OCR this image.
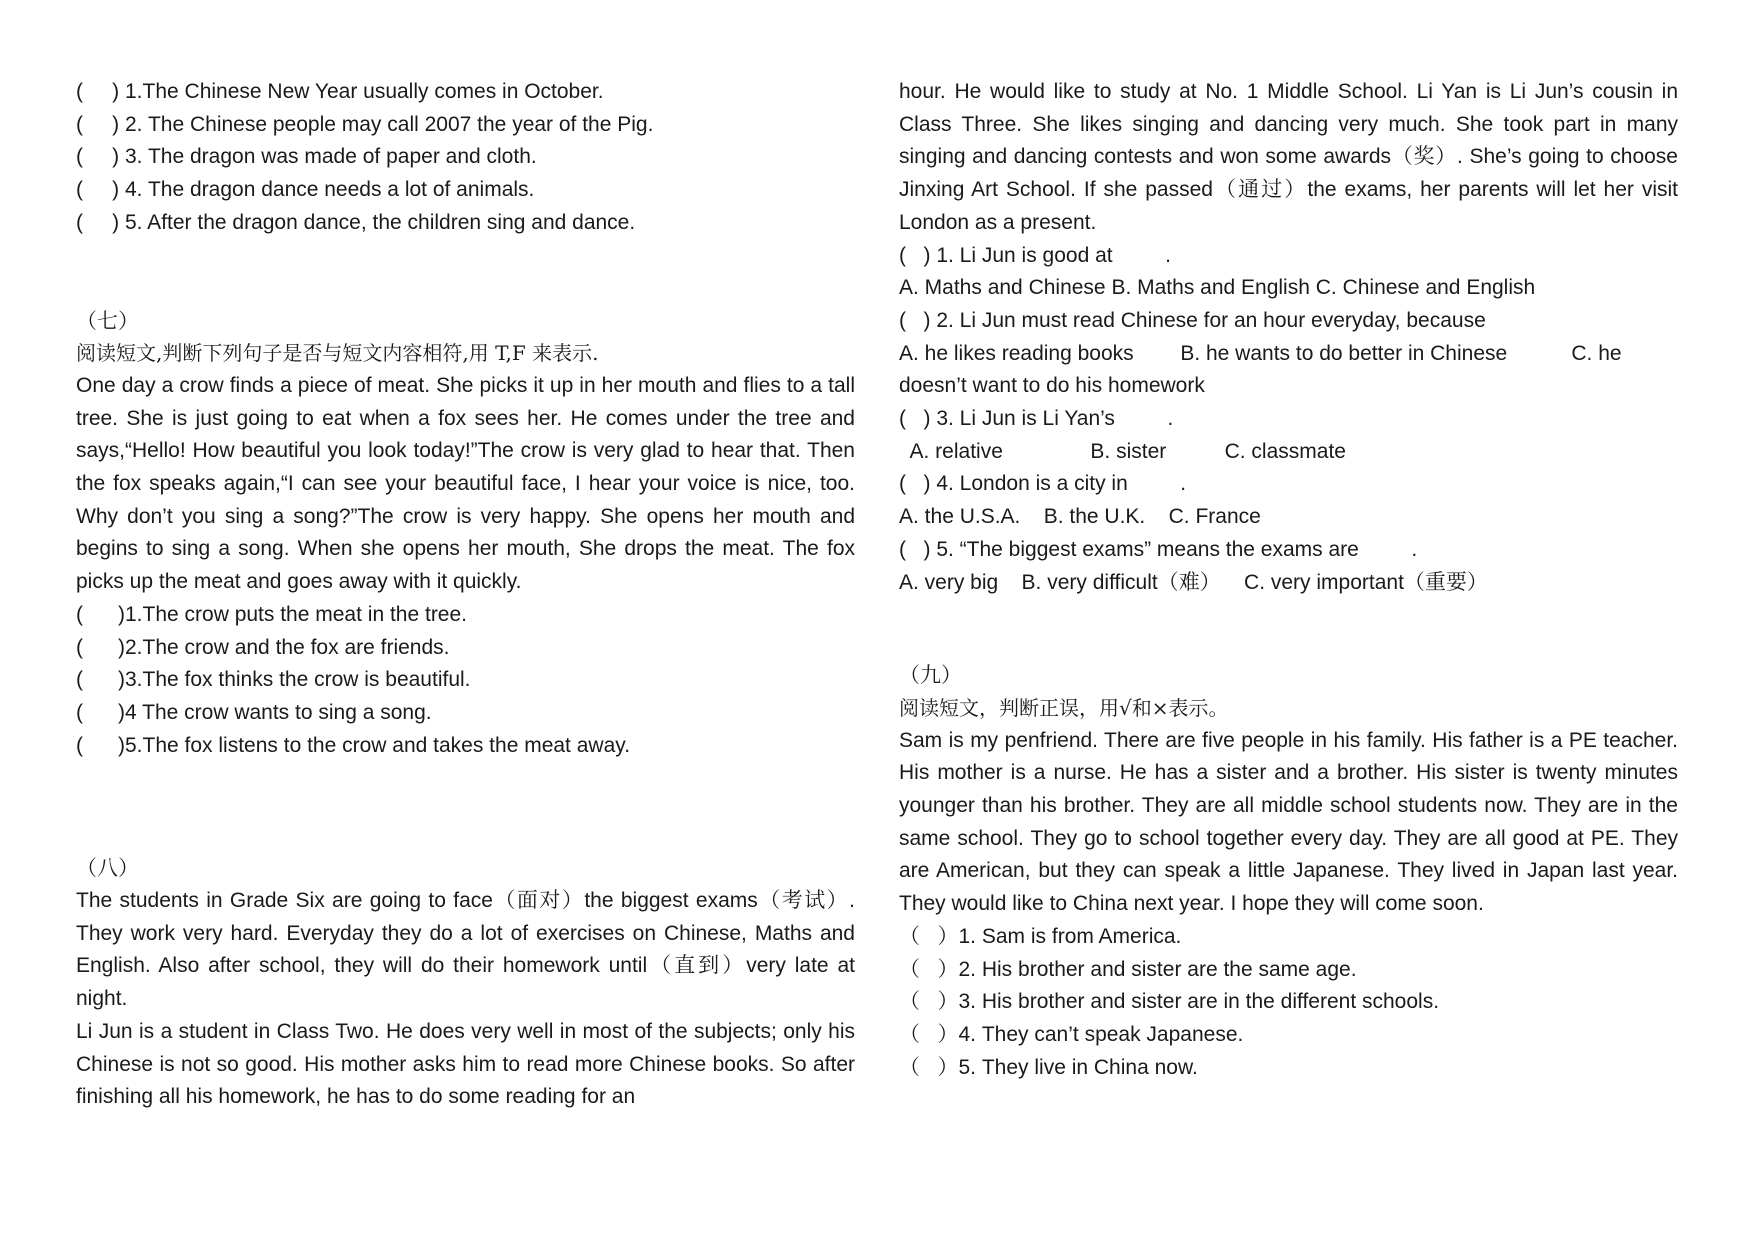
(     ) 1.The Chinese New Year usually comes in October.

(     ) 2. The Chinese people may call 2007 the year of the Pig.

(     ) 3. The dragon was made of paper and cloth.

(     ) 4. The dragon dance needs a lot of animals.

(     ) 5. After the dragon dance, the children sing and dance.

（七）

阅读短文,判断下列句子是否与短文内容相符,用 T,F 来表示.

One day a crow finds a piece of meat. She picks it up in her mouth and flies to a tall tree. She is just going to eat when a fox sees her. He comes under the tree and says,“Hello! How beautiful you look today!”The crow is very glad to hear that. Then the fox speaks again,“I can see your beautiful face, I hear your voice is nice, too. Why don’t you sing a song?”The crow is very happy. She opens her mouth and begins to sing a song. When she opens her mouth, She drops the meat. The fox picks up the meat and goes away with it quickly.

(      )1.The crow puts the meat in the tree.

(      )2.The crow and the fox are friends.

(      )3.The fox thinks the crow is beautiful.

(      )4 The crow wants to sing a song.

(      )5.The fox listens to the crow and takes the meat away.

（八）

The students in Grade Six are going to face（面对）the biggest exams（考试）. They work very hard. Everyday they do a lot of exercises on Chinese, Maths and English. Also after school, they will do their homework until（直到）very late at night.

Li Jun is a student in Class Two. He does very well in most of the subjects; only his Chinese is not so good. His mother asks him to read more Chinese books. So after finishing all his homework, he has to do some reading for an

hour. He would like to study at No. 1 Middle School. Li Yan is Li Jun’s cousin in Class Three. She likes singing and dancing very much. She took part in many singing and dancing contests and won some awards（奖）. She’s going to choose Jinxing Art School. If she passed（通过）the exams, her parents will let her visit London as a present.

(   ) 1. Li Jun is good at         .

A. Maths and Chinese B. Maths and English C. Chinese and English

(   ) 2. Li Jun must read Chinese for an hour everyday, because

A. he likes reading books        B. he wants to do better in Chinese           C. he

doesn’t want to do his homework

(   ) 3. Li Jun is Li Yan’s         .

A. relative               B. sister          C. classmate

(   ) 4. London is a city in         .

A. the U.S.A.    B. the U.K.    C. France

(   ) 5. “The biggest exams” means the exams are         .

A. very big    B. very difficult（难）    C. very important（重要）

（九）

阅读短文，判断正误，用√和×表示。

Sam is my penfriend. There are five people in his family. His father is a PE teacher. His mother is a nurse. He has a sister and a brother. His sister is twenty minutes younger than his brother. They are all middle school students now. They are in the same school. They go to school together every day. They are all good at PE. They are American, but they can speak a little Japanese. They lived in Japan last year. They would like to China next year. I hope they will come soon.

（   ）1. Sam is from America.

（   ）2. His brother and sister are the same age.

（   ）3. His brother and sister are in the different schools.

（   ）4. They can’t speak Japanese.

（   ）5. They live in China now.
